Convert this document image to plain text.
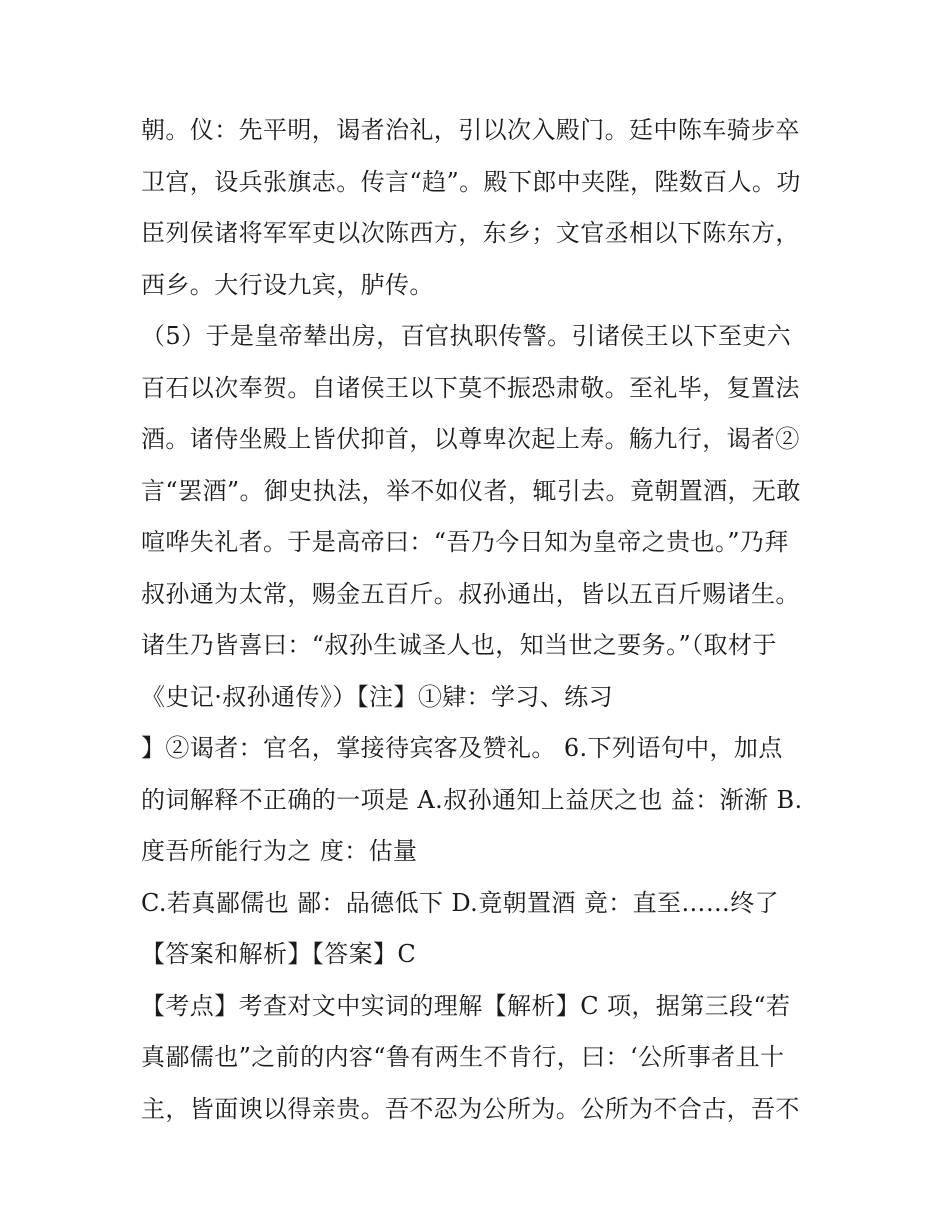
朝。仪：先平明，谒者治礼，引以次入殿门。廷中陈车骑步卒
卫宫，设兵张旗志。传言“趋”。殿下郎中夹陛，陛数百人。功
臣列侯诸将军军吏以次陈西方，东乡；文官丞相以下陈东方，
西乡。大行设九宾，胪传。
（5）于是皇帝辇出房，百官执职传警。引诸侯王以下至吏六
百石以次奉贺。自诸侯王以下莫不振恐肃敬。至礼毕，复置法
酒。诸侍坐殿上皆伏抑首，以尊卑次起上寿。觞九行，谒者②
言“罢酒”。御史执法，举不如仪者，辄引去。竟朝置酒，无敢
喧哗失礼者。于是高帝曰：“吾乃今日知为皇帝之贵也。”乃拜
叔孙通为太常，赐金五百斤。叔孙通出，皆以五百斤赐诸生。
诸生乃皆喜曰：“叔孙生诚圣人也，知当世之要务。”（取材于
《史记·叔孙通传》）【注】①肄：学习、练习
】②谒者：官名，掌接待宾客及赞礼。 6.下列语句中，加点
的词解释不正确的一项是 A.叔孙通知上益厌之也 益：渐渐 B.
度吾所能行为之 度：估量
C.若真鄙儒也 鄙：品德低下 D.竟朝置酒 竟：直至……终了
【答案和解析】【答案】C
【考点】考查对文中实词的理解【解析】C 项，据第三段“若
真鄙儒也”之前的内容“鲁有两生不肯行，曰：‘公所事者且十
主，皆面谀以得亲贵。吾不忍为公所为。公所为不合古，吾不
